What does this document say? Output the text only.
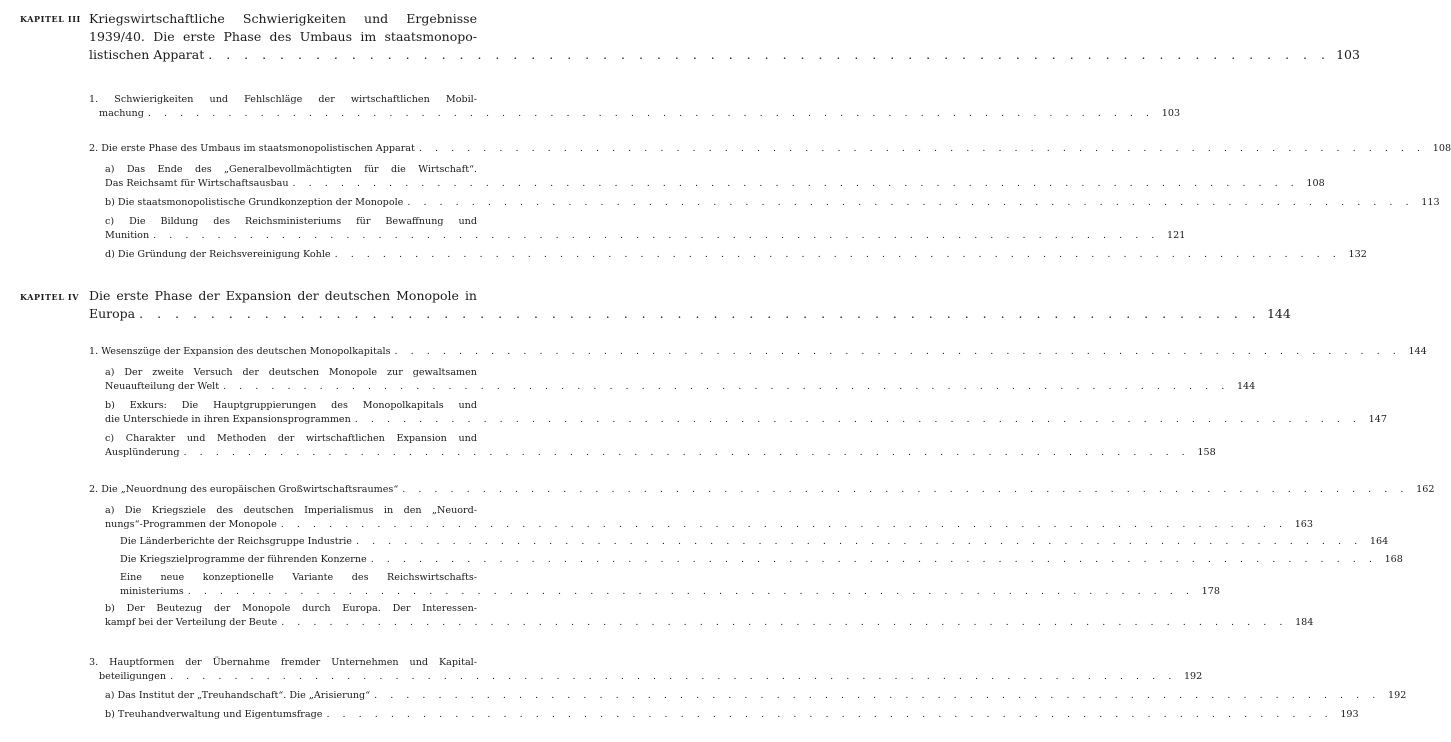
KAPITEL III Kriegswirtschaftliche Schwierigkeiten und Ergebnisse
1939/40. Die erste Phase des Umbaus im staatsmonopo-
listischen Apparat . . . . . . . . . . . . . . . . . . . . . . . . . . . . . . . . . . . . . . . . . . . . . . . . . . . . . . . . . . . . . . . 103
1. Schwierigkeiten und Fehlschläge der wirtschaftlichen Mobil-
machung . . . . . . . . . . . . . . . . . . . . . . . . . . . . . . . . . . . . . . . . . . . . . . . . . . . . . . . . . . . . . . . 103
2. Die erste Phase des Umbaus im staatsmonopolistischen Apparat . . . . . . . . . . . . . . . . . . . . . . . . . . . . . . . . . . . . . . . . . . . . . . . . . . . . . . . . . . . . . . . 108
a) Das Ende des „Generalbevollmächtigten für die Wirtschaft“.
Das Reichsamt für Wirtschaftsausbau . . . . . . . . . . . . . . . . . . . . . . . . . . . . . . . . . . . . . . . . . . . . . . . . . . . . . . . . . . . . . . . 108
b) Die staatsmonopolistische Grundkonzeption der Monopole . . . . . . . . . . . . . . . . . . . . . . . . . . . . . . . . . . . . . . . . . . . . . . . . . . . . . . . . . . . . . . . 113
c) Die Bildung des Reichsministeriums für Bewaffnung und
Munition . . . . . . . . . . . . . . . . . . . . . . . . . . . . . . . . . . . . . . . . . . . . . . . . . . . . . . . . . . . . . . . 121
d) Die Gründung der Reichsvereinigung Kohle . . . . . . . . . . . . . . . . . . . . . . . . . . . . . . . . . . . . . . . . . . . . . . . . . . . . . . . . . . . . . . . 132
KAPITEL IV Die erste Phase der Expansion der deutschen Monopole in
Europa . . . . . . . . . . . . . . . . . . . . . . . . . . . . . . . . . . . . . . . . . . . . . . . . . . . . . . . . . . . . . . . 144
1. Wesenszüge der Expansion des deutschen Monopolkapitals . . . . . . . . . . . . . . . . . . . . . . . . . . . . . . . . . . . . . . . . . . . . . . . . . . . . . . . . . . . . . . . 144
a) Der zweite Versuch der deutschen Monopole zur gewaltsamen
Neuaufteilung der Welt . . . . . . . . . . . . . . . . . . . . . . . . . . . . . . . . . . . . . . . . . . . . . . . . . . . . . . . . . . . . . . . 144
b) Exkurs: Die Hauptgruppierungen des Monopolkapitals und
die Unterschiede in ihren Expansionsprogrammen . . . . . . . . . . . . . . . . . . . . . . . . . . . . . . . . . . . . . . . . . . . . . . . . . . . . . . . . . . . . . . . 147
c) Charakter und Methoden der wirtschaftlichen Expansion und
Ausplünderung . . . . . . . . . . . . . . . . . . . . . . . . . . . . . . . . . . . . . . . . . . . . . . . . . . . . . . . . . . . . . . . 158
2. Die „Neuordnung des europäischen Großwirtschaftsraumes“ . . . . . . . . . . . . . . . . . . . . . . . . . . . . . . . . . . . . . . . . . . . . . . . . . . . . . . . . . . . . . . . 162
a) Die Kriegsziele des deutschen Imperialismus in den „Neuord-
nungs“-Programmen der Monopole . . . . . . . . . . . . . . . . . . . . . . . . . . . . . . . . . . . . . . . . . . . . . . . . . . . . . . . . . . . . . . . 163
Die Länderberichte der Reichsgruppe Industrie . . . . . . . . . . . . . . . . . . . . . . . . . . . . . . . . . . . . . . . . . . . . . . . . . . . . . . . . . . . . . . . 164
Die Kriegszielprogramme der führenden Konzerne . . . . . . . . . . . . . . . . . . . . . . . . . . . . . . . . . . . . . . . . . . . . . . . . . . . . . . . . . . . . . . . 168
Eine neue konzeptionelle Variante des Reichswirtschafts-
ministeriums . . . . . . . . . . . . . . . . . . . . . . . . . . . . . . . . . . . . . . . . . . . . . . . . . . . . . . . . . . . . . . . 178
b) Der Beutezug der Monopole durch Europa. Der Interessen-
kampf bei der Verteilung der Beute . . . . . . . . . . . . . . . . . . . . . . . . . . . . . . . . . . . . . . . . . . . . . . . . . . . . . . . . . . . . . . . 184
3. Hauptformen der Übernahme fremder Unternehmen und Kapital-
beteiligungen . . . . . . . . . . . . . . . . . . . . . . . . . . . . . . . . . . . . . . . . . . . . . . . . . . . . . . . . . . . . . . . 192
a) Das Institut der „Treuhandschaft“. Die „Arisierung“ . . . . . . . . . . . . . . . . . . . . . . . . . . . . . . . . . . . . . . . . . . . . . . . . . . . . . . . . . . . . . . . 192
b) Treuhandverwaltung und Eigentumsfrage . . . . . . . . . . . . . . . . . . . . . . . . . . . . . . . . . . . . . . . . . . . . . . . . . . . . . . . . . . . . . . . 193
